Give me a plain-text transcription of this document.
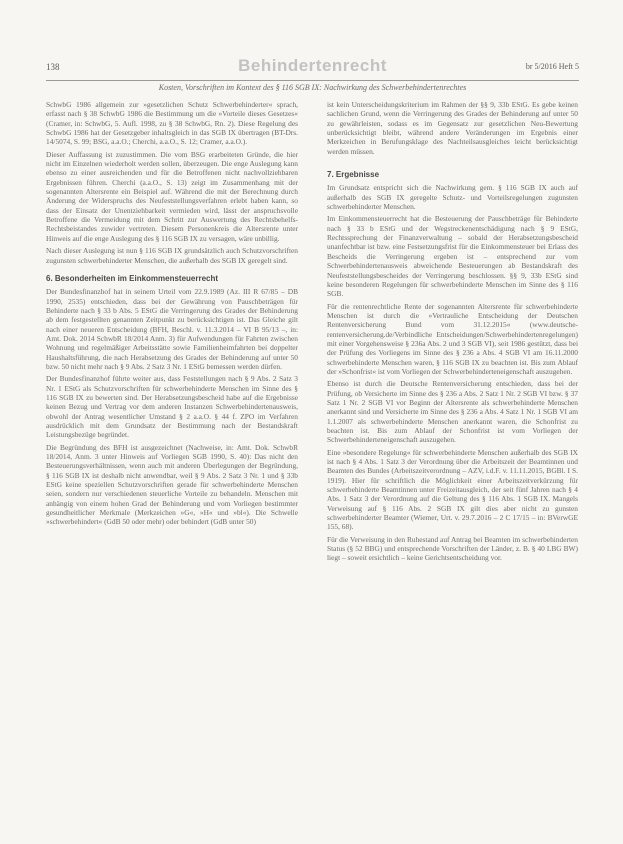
138	Behindertenrecht	br 5/2016 Heft 5
Kosten, Vorschriften im Kontext des § 116 SGB IX: Nachwirkung des Schwerbehindertenrechtes

SchwbG 1986 allgemein zur »gesetzlichen Schutz Schwerbehinderter« sprach, erfasst nach § 38 SchwbG 1986 die Bestimmung um die »Vorteile dieses Gesetzes« (Cramer, in: SchwbG, 5. Aufl. 1998, zu § 38 SchwbG, Rn. 2). Diese Regelung des SchwbG 1986 hat der Gesetzgeber inhaltsgleich in das SGB IX übertragen (BT-Drs. 14/5074, S. 99; BSG, a.a.O.; Cherchi, a.a.O., S. 12; Cramer, a.a.O.).

Dieser Auffassung ist zuzustimmen. Die vom BSG erarbeiteten Gründe, die hier nicht im Einzelnen wiederholt werden sollen, überzeugen. Die enge Auslegung kann ebenso zu einer ausreichenden und für die Betroffenen nicht nachvollziehbaren Ergebnissen führen. Cherchi (a.a.O., S. 13) zeigt im Zusammenhang mit der sogenannten Altersrente ein Beispiel auf. Während die mit der Berechnung durch Änderung der Widerspruchs des Neufeststellungsverfahren erlebt haben kann, so dass der Einsatz der Unentziehbarkeit vermieden wird, lässt der anspruchsvolle Betroffene die Vermeidung mit dem Schritt zur Auswertung des Rechtsbehelfs-Rechtsbeistandes zuwider vertreten. Diesem Personenkreis die Altersrente unter Hinweis auf die enge Auslegung des § 116 SGB IX zu versagen, wäre unbillig.

Nach dieser Auslegung ist nun § 116 SGB IX grundsätzlich auch Schutzvorschriften zugunsten schwerbehinderter Menschen, die außerhalb des SGB IX geregelt sind.

6. Besonderheiten im Einkommensteuerrecht

Der Bundesfinanzhof hat in seinem Urteil vom 22.9.1989 (Az. III R 67/85 – DB 1990, 2535) entschieden, dass bei der Gewährung von Pauschbeträgen für Behinderte nach § 33 b Abs. 5 EStG die Verringerung des Grades der Behinderung ab dem festgestellten genannten Zeitpunkt zu berücksichtigen ist. Das Gleiche gilt nach einer neueren Entscheidung (BFH, Beschl. v. 11.3.2014 – VI B 95/13 –, in: Amt. Dok. 2014 SchwbR 18/2014 Anm. 3) für Aufwendungen für Fahrten zwischen Wohnung und regelmäßiger Arbeitsstätte sowie Familienheimfahrten bei doppelter Haushaltsführung, die nach Herabsetzung des Grades der Behinderung auf unter 50 bzw. 50 nicht mehr nach § 9 Abs. 2 Satz 3 Nr. 1 EStG bemessen werden dürfen.

Der Bundesfinanzhof führte weiter aus, dass Feststellungen nach § 9 Abs. 2 Satz 3 Nr. 1 EStG als Schutzvorschriften für schwerbehinderte Menschen im Sinne des § 116 SGB IX zu bewerten sind. Der Herabsetzungsbescheid habe auf die Ergebnisse keinen Bezug und Vertrag vor dem anderen Instanzen Schwerbehindertenausweis, obwohl der Antrag wesentlicher Umstand § 2 a.a.O. § 44 f. ZPO im Verfahren ausdrücklich mit dem Grundsatz der Bestimmung nach der Bestandskraft Leistungsbezüge begründet.

Die Begründung des BFH ist ausgezeichnet (Nachweise, in: Amt. Dok. SchwbR 18/2014, Anm. 3 unter Hinweis auf Vorliegen SGB 1990, S. 40): Das nicht den Besteuerungsverhältnissen, wenn auch mit anderen Überlegungen der Begründung, § 116 SGB IX ist deshalb nicht anwendbar, weil § 9 Abs. 2 Satz 3 Nr. 1 und § 33b EStG keine speziellen Schutzvorschriften gerade für schwerbehinderte Menschen seien, sondern nur verschiedenen steuerliche Vorteile zu behandeln. Menschen mit anhängig von einem hohen Grad der Behinderung und vom Vorliegen bestimmter gesundheitlicher Merkmale (Merkzeichen »G«, »H« und »bl«). Die Schwelle »schwerbehindert« (GdB 50 oder mehr) oder behindert (GdB unter 50)

ist kein Unterscheidungskriterium im Rahmen der §§ 9, 33b EStG. Es gebe keinen sachlichen Grund, wenn die Verringerung des Grades der Behinderung auf unter 50 zu gewährleisten, sodass es im Gegensatz zur gesetzlichen Neu-Bewertung unberücksichtigt bleibt, während andere Veränderungen im Ergebnis einer Merkzeichen in Berufungsklage des Nachteilsausgleiches leicht berücksichtigt werden müssen.

7. Ergebnisse

Im Grundsatz entspricht sich die Nachwirkung gem. § 116 SGB IX auch auf außerhalb des SGB IX geregelte Schutz- und Vorteilsregelungen zugunsten schwerbehinderter Menschen.

Im Einkommensteuerrecht hat die Besteuerung der Pauschbeträge für Behinderte nach § 33 b EStG und der Wegstreckenentschädigung nach § 9 EStG, Rechtssprechung der Finanzverwaltung – sobald der Herabsetzungsbescheid unanfechtbar ist bzw. eine Festsetzungsfrist für die Einkommensteuer bei Erlass des Bescheids die Verringerung ergeben ist – entsprechend zur vom Schwerbehindertenausweis abweichende Besteuerungen ab Bestandskraft des Neufeststellungsbescheides der Verringerung beschlossen. §§ 9, 33b EStG sind keine besonderen Regelungen für schwerbehinderte Menschen im Sinne des § 116 SGB.

Für die rentenrechtliche Rente der sogenannten Altersrente für schwerbehinderte Menschen ist durch die »Vertrauliche Entscheidung der Deutschen Rentenversicherung Bund vom 31.12.2015« (www.deutsche-rentenversicherung.de/Verbindliche Entscheidungen/Schwerbehindertenregelungen) mit einer Vorgehensweise § 236a Abs. 2 und 3 SGB VI), seit 1986 gestützt, dass bei der Prüfung des Vorliegens im Sinne des § 236 a Abs. 4 SGB VI am 16.11.2000 schwerbehinderte Menschen waren, § 116 SGB IX zu beachten ist. Bis zum Ablauf der »Schonfrist« ist vom Vorliegen der Schwerbehinderteneigenschaft auszugehen.

Ebenso ist durch die Deutsche Rentenversicherung entschieden, dass bei der Prüfung, ob Versicherte im Sinne des § 236 a Abs. 2 Satz 1 Nr. 2 SGB VI bzw. § 37 Satz 1 Nr. 2 SGB VI vor Beginn der Altersrente als schwerbehinderte Menschen anerkannt sind und Versicherte im Sinne des § 236 a Abs. 4 Satz 1 Nr. 1 SGB VI am 1.1.2007 als schwerbehinderte Menschen anerkannt waren, die Schonfrist zu beachten ist. Bis zum Ablauf der Schonfrist ist vom Vorliegen der Schwerbehinderteneigenschaft auszugehen.

Eine »besondere Regelung« für schwerbehinderte Menschen außerhalb des SGB IX ist nach § 4 Abs. 1 Satz 3 der Verordnung über die Arbeitszeit der Beamtinnen und Beamten des Bundes (Arbeitszeitverordnung – AZV, i.d.F. v. 11.11.2015, BGBl. I S. 1919). Hier für schriftlich die Möglichkeit einer Arbeitszeitverkürzung für schwerbehinderte Beamtinnen unter Freizeitausgleich, der seit fünf Jahren nach § 4 Abs. 1 Satz 3 der Verordnung auf die Geltung des § 116 Abs. 1 SGB IX. Mangels Verweisung auf § 116 Abs. 2 SGB IX gilt dies aber nicht zu gunsten schwerbehinderter Beamter (Wiemer, Urt. v. 29.7.2016 – 2 C 17/15 – in: BVerwGE 155, 68).

Für die Verweisung in den Ruhestand auf Antrag bei Beamten im schwerbehinderten Status (§ 52 BBG) und entsprechende Vorschriften der Länder, z. B. § 40 LBG BW) liegt – soweit ersichtlich – keine Gerichtsentscheidung vor.
